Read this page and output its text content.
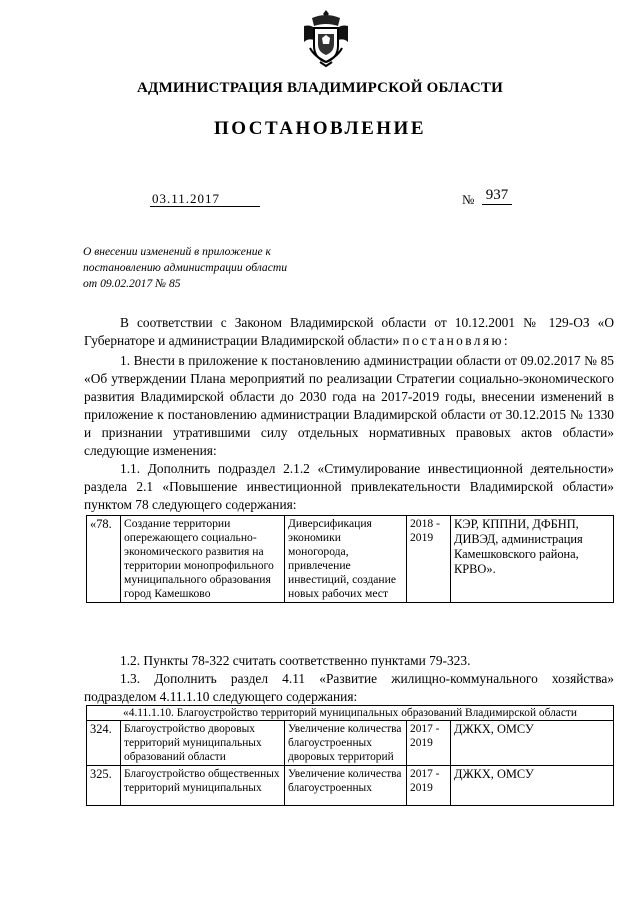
АДМИНИСТРАЦИЯ ВЛАДИМИРСКОЙ ОБЛАСТИ
ПОСТАНОВЛЕНИЕ
03.11.2017	№ 937
О внесении изменений в приложение к постановлению администрации области от 09.02.2017 № 85
В соответствии с Законом Владимирской области от 10.12.2001 № 129-ОЗ «О Губернаторе и администрации Владимирской области» постановляю:
1. Внести в приложение к постановлению администрации области от 09.02.2017 № 85 «Об утверждении Плана мероприятий по реализации Стратегии социально-экономического развития Владимирской области до 2030 года на 2017-2019 годы, внесении изменений в приложение к постановлению администрации Владимирской области от 30.12.2015 № 1330 и признании утратившими силу отдельных нормативных правовых актов области» следующие изменения:
1.1. Дополнить подраздел 2.1.2 «Стимулирование инвестиционной деятельности» раздела 2.1 «Повышение инвестиционной привлекательности Владимирской области» пунктом 78 следующего содержания:
«78.	Создание территории опережающего социально-экономического развития на территории монопрофильного муниципального образования город Камешково	Диверсификация экономики моногорода, привлечение инвестиций, создание новых рабочих мест	2018 - 2019	КЭР, КППНИ, ДФБНП, ДИВЭД, администрация Камешковского района, КРВО».
1.2. Пункты 78-322 считать соответственно пунктами 79-323.
1.3. Дополнить раздел 4.11 «Развитие жилищно-коммунального хозяйства» подразделом 4.11.1.10 следующего содержания:
«4.11.1.10. Благоустройство территорий муниципальных образований Владимирской области				
324.	Благоустройство дворовых территорий муниципальных образований области	Увеличение количества благоустроенных дворовых территорий	2017 - 2019	ДЖКХ, ОМСУ
325.	Благоустройство общественных территорий муниципальных	Увеличение количества благоустроенных	2017 - 2019	ДЖКХ, ОМСУ
